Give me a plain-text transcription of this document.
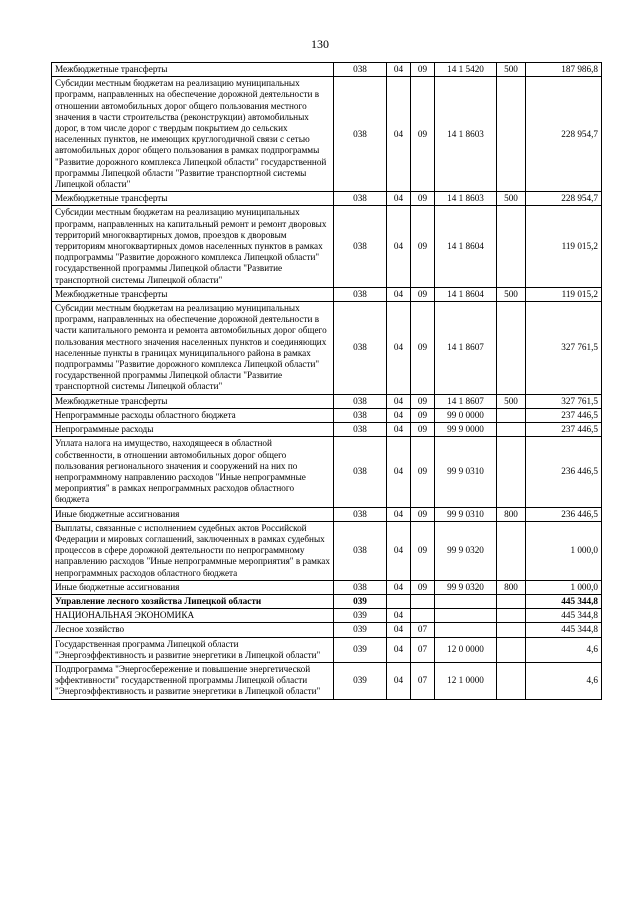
130
Межбюджетные трансферты	038	04	09	14 1 5420	500	187 986,8
Субсидии местным бюджетам на реализацию муниципальных программ, направленных на обеспечение дорожной деятельности в отношении автомобильных дорог общего пользования местного значения в части строительства (реконструкции) автомобильных дорог, в том числе дорог с твердым покрытием до сельских населенных пунктов, не имеющих круглогодичной связи с сетью автомобильных дорог общего пользования в рамках подпрограммы "Развитие дорожного комплекса Липецкой области" государственной программы Липецкой области "Развитие транспортной системы Липецкой области"	038	04	09	14 1 8603		228 954,7
Межбюджетные трансферты	038	04	09	14 1 8603	500	228 954,7
Субсидии местным бюджетам на реализацию муниципальных программ, направленных на капитальный ремонт и ремонт дворовых территорий многоквартирных домов, проездов к дворовым территориям многоквартирных домов населенных пунктов в рамках подпрограммы "Развитие дорожного комплекса Липецкой области" государственной программы Липецкой области "Развитие транспортной системы Липецкой области"	038	04	09	14 1 8604		119 015,2
Межбюджетные трансферты	038	04	09	14 1 8604	500	119 015,2
Субсидии местным бюджетам на реализацию муниципальных программ, направленных на обеспечение дорожной деятельности в части капитального ремонта и ремонта автомобильных дорог общего пользования местного значения населенных пунктов и соединяющих населенные пункты в границах муниципального района в рамках подпрограммы "Развитие дорожного комплекса Липецкой области" государственной программы Липецкой области "Развитие транспортной системы Липецкой области"	038	04	09	14 1 8607		327 761,5
Межбюджетные трансферты	038	04	09	14 1 8607	500	327 761,5
Непрограммные расходы областного бюджета	038	04	09	99 0 0000		237 446,5
Непрограммные расходы	038	04	09	99 9 0000		237 446,5
Уплата налога на имущество, находящееся в областной собственности, в отношении автомобильных дорог общего пользования регионального значения и сооружений на них по непрограммному направлению расходов "Иные непрограммные мероприятия" в рамках непрограммных расходов областного бюджета	038	04	09	99 9 0310		236 446,5
Иные бюджетные ассигнования	038	04	09	99 9 0310	800	236 446,5
Выплаты, связанные с исполнением судебных актов Российской Федерации и мировых соглашений, заключенных в рамках судебных процессов в сфере дорожной деятельности по непрограммному направлению расходов "Иные непрограммные мероприятия" в рамках непрограммных расходов областного бюджета	038	04	09	99 9 0320		1 000,0
Иные бюджетные ассигнования	038	04	09	99 9 0320	800	1 000,0
Управление лесного хозяйства Липецкой области	039					445 344,8
НАЦИОНАЛЬНАЯ ЭКОНОМИКА	039	04				445 344,8
Лесное хозяйство	039	04	07			445 344,8
Государственная программа Липецкой области "Энергоэффективность и развитие энергетики в Липецкой области"	039	04	07	12 0 0000		4,6
Подпрограмма "Энергосбережение и повышение энергетической эффективности" государственной программы Липецкой области "Энергоэффективность и развитие энергетики в Липецкой области"	039	04	07	12 1 0000		4,6
